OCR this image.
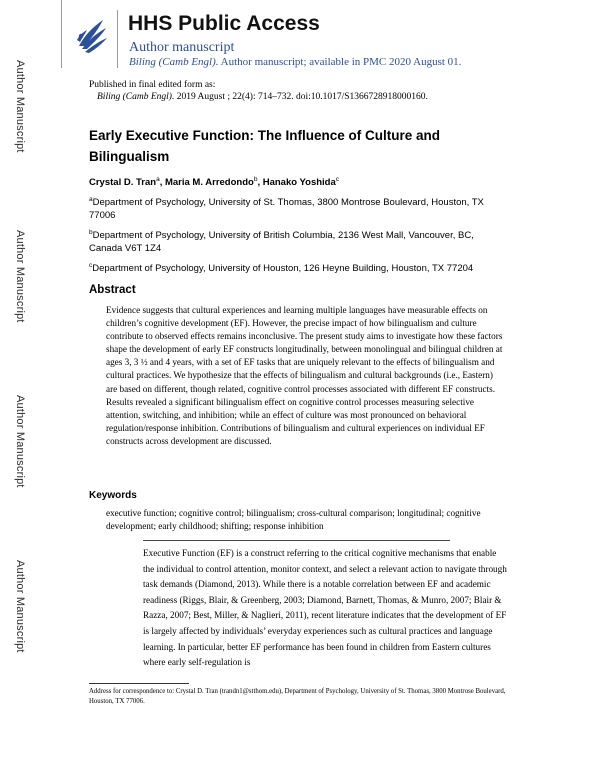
Author Manuscript
Author Manuscript
Author Manuscript
Author Manuscript
HHS Public Access
Author manuscript
Biling (Camb Engl). Author manuscript; available in PMC 2020 August 01.
Published in final edited form as:
Biling (Camb Engl). 2019 August ; 22(4): 714–732. doi:10.1017/S1366728918000160.
Early Executive Function: The Influence of Culture and Bilingualism
Crystal D. Tran$^a$, Maria M. Arredondo$^b$, Hanako Yoshida$^c$
$^a$Department of Psychology, University of St. Thomas, 3800 Montrose Boulevard, Houston, TX 77006
$^b$Department of Psychology, University of British Columbia, 2136 West Mall, Vancouver, BC, Canada V6T 1Z4
$^c$Department of Psychology, University of Houston, 126 Heyne Building, Houston, TX 77204
Abstract
Evidence suggests that cultural experiences and learning multiple languages have measurable effects on children’s cognitive development (EF). However, the precise impact of how bilingualism and culture contribute to observed effects remains inconclusive. The present study aims to investigate how these factors shape the development of early EF constructs longitudinally, between monolingual and bilingual children at ages 3, 3 ½ and 4 years, with a set of EF tasks that are uniquely relevant to the effects of bilingualism and cultural practices. We hypothesize that the effects of bilingualism and cultural backgrounds (i.e., Eastern) are based on different, though related, cognitive control processes associated with different EF constructs. Results revealed a significant bilingualism effect on cognitive control processes measuring selective attention, switching, and inhibition; while an effect of culture was most pronounced on behavioral regulation/response inhibition. Contributions of bilingualism and cultural experiences on individual EF constructs across development are discussed.
Keywords
executive function; cognitive control; bilingualism; cross-cultural comparison; longitudinal; cognitive development; early childhood; shifting; response inhibition
Executive Function (EF) is a construct referring to the critical cognitive mechanisms that enable the individual to control attention, monitor context, and select a relevant action to navigate through task demands (Diamond, 2013). While there is a notable correlation between EF and academic readiness (Riggs, Blair, & Greenberg, 2003; Diamond, Barnett, Thomas, & Munro, 2007; Blair & Razza, 2007; Best, Miller, & Naglieri, 2011), recent literature indicates that the development of EF is largely affected by individuals’ everyday experiences such as cultural practices and language learning. In particular, better EF performance has been found in children from Eastern cultures where early self-regulation is
Address for correspondence to: Crystal D. Tran (trandn1@stthom.edu), Department of Psychology, University of St. Thomas, 3800 Montrose Boulevard, Houston, TX 77006.
